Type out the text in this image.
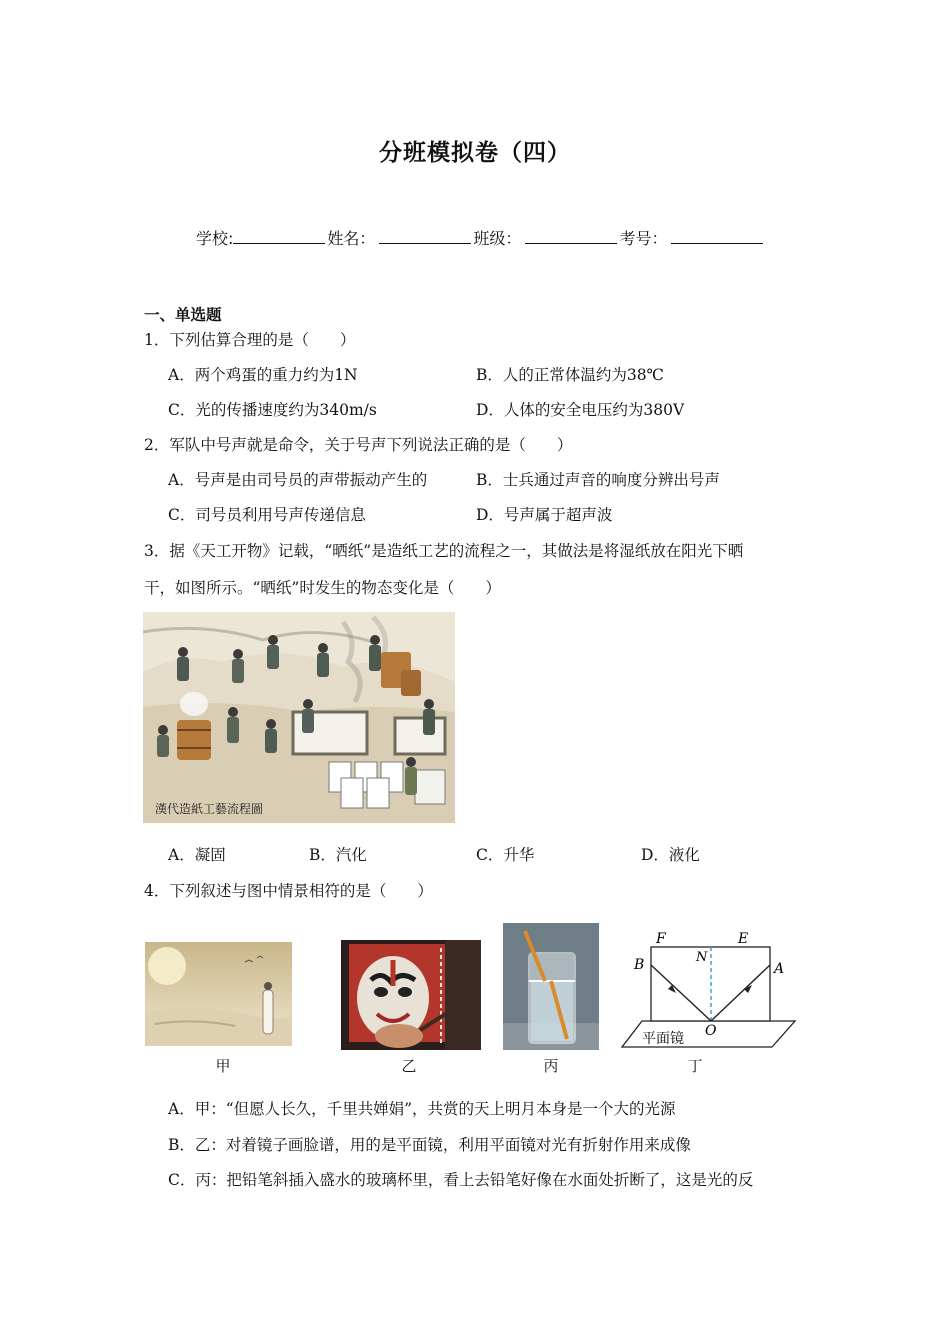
分班模拟卷（四）
学校:	姓名：	班级：	考号：
一、单选题
1．下列估算合理的是（　　）
A．两个鸡蛋的重力约为1N	B．人的正常体温约为38℃
C．光的传播速度约为340m/s	D．人体的安全电压约为380V
2．军队中号声就是命令，关于号声下列说法正确的是（　　）
A．号声是由司号员的声带振动产生的	B．士兵通过声音的响度分辨出号声
C．司号员利用号声传递信息	D．号声属于超声波
3．据《天工开物》记载，“晒纸”是造纸工艺的流程之一，其做法是将湿纸放在阳光下晒
干，如图所示。“晒纸”时发生的物态变化是（　　）
漢代造紙工藝流程圖
A．凝固	B．汽化	C．升华	D．液化
4．下列叙述与图中情景相符的是（　　）
F	E
N
B	A
O
平面镜
甲	乙	丙	丁
A．甲：“但愿人长久，千里共婵娟”，共赏的天上明月本身是一个大的光源
B．乙：对着镜子画脸谱，用的是平面镜，利用平面镜对光有折射作用来成像
C．丙：把铅笔斜插入盛水的玻璃杯里，看上去铅笔好像在水面处折断了，这是光的反
